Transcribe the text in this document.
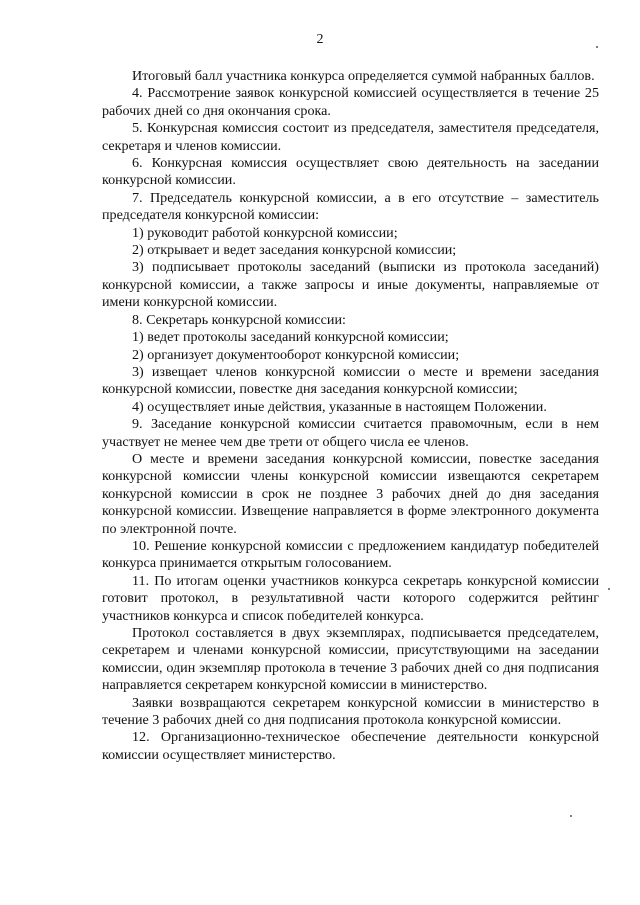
2

Итоговый балл участника конкурса определяется суммой набранных баллов.

4. Рассмотрение заявок конкурсной комиссией осуществляется в течение 25 рабочих дней со дня окончания срока.

5. Конкурсная комиссия состоит из председателя, заместителя председателя, секретаря и членов комиссии.

6. Конкурсная комиссия осуществляет свою деятельность на заседании конкурсной комиссии.

7. Председатель конкурсной комиссии, а в его отсутствие – заместитель председателя конкурсной комиссии:

1) руководит работой конкурсной комиссии;

2) открывает и ведет заседания конкурсной комиссии;

3) подписывает протоколы заседаний (выписки из протокола заседаний) конкурсной комиссии, а также запросы и иные документы, направляемые от имени конкурсной комиссии.

8. Секретарь конкурсной комиссии:

1) ведет протоколы заседаний конкурсной комиссии;

2) организует документооборот конкурсной комиссии;

3) извещает членов конкурсной комиссии о месте и времени заседания конкурсной комиссии, повестке дня заседания конкурсной комиссии;

4) осуществляет иные действия, указанные в настоящем Положении.

9. Заседание конкурсной комиссии считается правомочным, если в нем участвует не менее чем две трети от общего числа ее членов.

О месте и времени заседания конкурсной комиссии, повестке заседания конкурсной комиссии члены конкурсной комиссии извещаются секретарем конкурсной комиссии в срок не позднее 3 рабочих дней до дня заседания конкурсной комиссии. Извещение направляется в форме электронного документа по электронной почте.

10. Решение конкурсной комиссии с предложением кандидатур победителей конкурса принимается открытым голосованием.

11. По итогам оценки участников конкурса секретарь конкурсной комиссии готовит протокол, в результативной части которого содержится рейтинг участников конкурса и список победителей конкурса.

Протокол составляется в двух экземплярах, подписывается председателем, секретарем и членами конкурсной комиссии, присутствующими на заседании комиссии, один экземпляр протокола в течение 3 рабочих дней со дня подписания направляется секретарем конкурсной комиссии в министерство.

Заявки возвращаются секретарем конкурсной комиссии в министерство в течение 3 рабочих дней со дня подписания протокола конкурсной комиссии.

12. Организационно-техническое обеспечение деятельности конкурсной комиссии осуществляет министерство.
